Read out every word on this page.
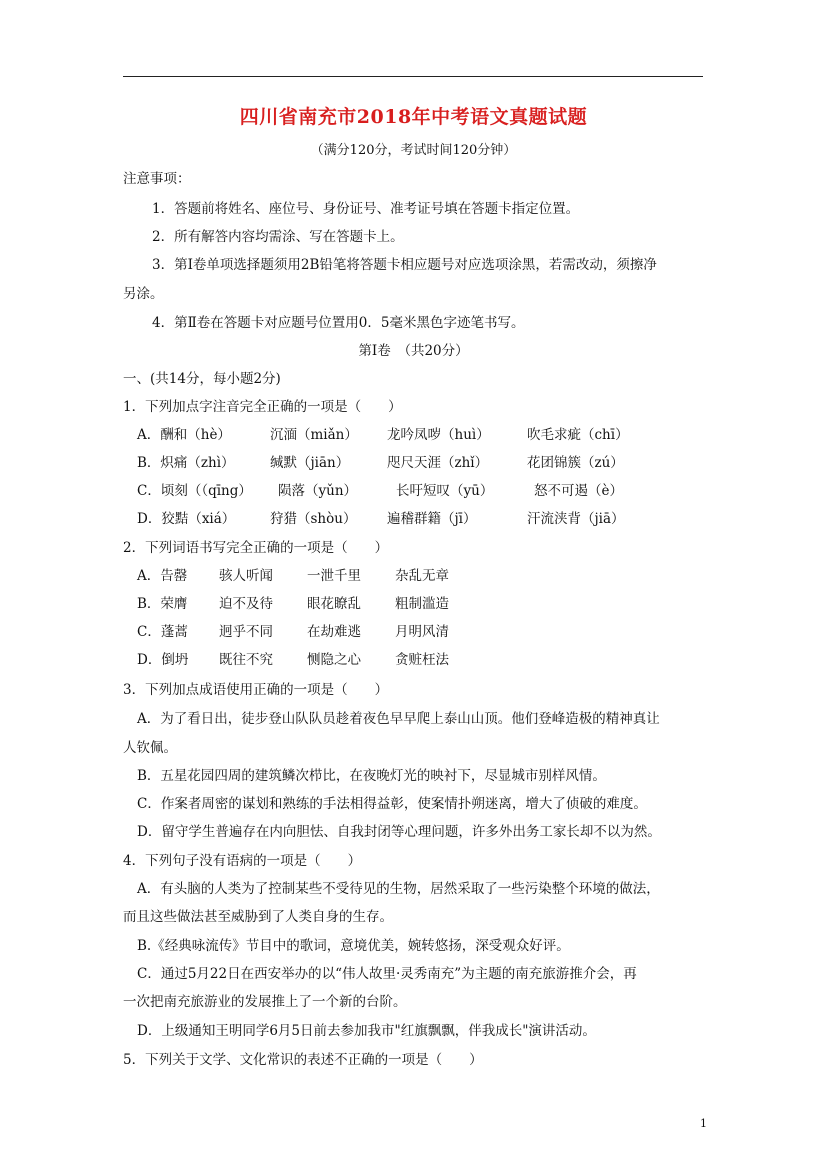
四川省南充市2018年中考语文真题试题
（满分120分，考试时间120分钟）
注意事项：
1．答题前将姓名、座位号、身份证号、准考证号填在答题卡指定位置。
2．所有解答内容均需涂、写在答题卡上。
3．第Ⅰ卷单项选择题须用2B铅笔将答题卡相应题号对应选项涂黑，若需改动，须擦净
另涂。
4．第Ⅱ卷在答题卡对应题号位置用0．5毫米黑色字迹笔书写。
第Ⅰ卷　（共20分）
一、(共14分，每小题2分)
1．下列加点字注音完全正确的一项是（　　）
A．酬和（hè）	沉湎（miǎn） 龙吟凤哕（huì）	吹毛求疵（chī）
B．炽痛（zhì）	缄默（jiān）	咫尺天涯（zhǐ）	花团锦簇（zú）
C．顷刻（（qīng） 陨落（yǔn）	长吁短叹（yū）	怒不可遏（è）
D．狡黠（xiá）	狩猎（shòu） 遍稽群籍（jī）	汗流浃背（jiā）
2．下列词语书写完全正确的一项是（　　）
A．告罄 骇人听闻	一泄千里	杂乱无章
B．荣膺 迫不及待	眼花瞭乱	粗制滥造
C．蓬蒿 迥乎不同	在劫难逃	月明风清
D．倒坍 既往不究	恻隐之心	贪赃枉法
3．下列加点成语使用正确的一项是（　　）
A．为了看日出，徒步登山队队员趁着夜色早早爬上泰山山顶。他们登峰造极的精神真让
人钦佩。
B．五星花园四周的建筑鳞次栉比，在夜晚灯光的映衬下，尽显城市别样风情。
C．作案者周密的谋划和熟练的手法相得益彰，使案情扑朔迷离，增大了侦破的难度。
D．留守学生普遍存在内向胆怯、自我封闭等心理问题，许多外出务工家长却不以为然。
4．下列句子没有语病的一项是（　　）
A．有头脑的人类为了控制某些不受待见的生物，居然采取了一些污染整个环境的做法，
而且这些做法甚至威胁到了人类自身的生存。
B.《经典咏流传》节目中的歌词，意境优美，婉转悠扬，深受观众好评。
C．通过5月22日在西安举办的以“伟人故里·灵秀南充”为主题的南充旅游推介会，再
一次把南充旅游业的发展推上了一个新的台阶。
D．上级通知王明同学6月5日前去参加我市"红旗飘飘，伴我成长"演讲活动。
5．下列关于文学、文化常识的表述不正确的一项是（　　）
1
